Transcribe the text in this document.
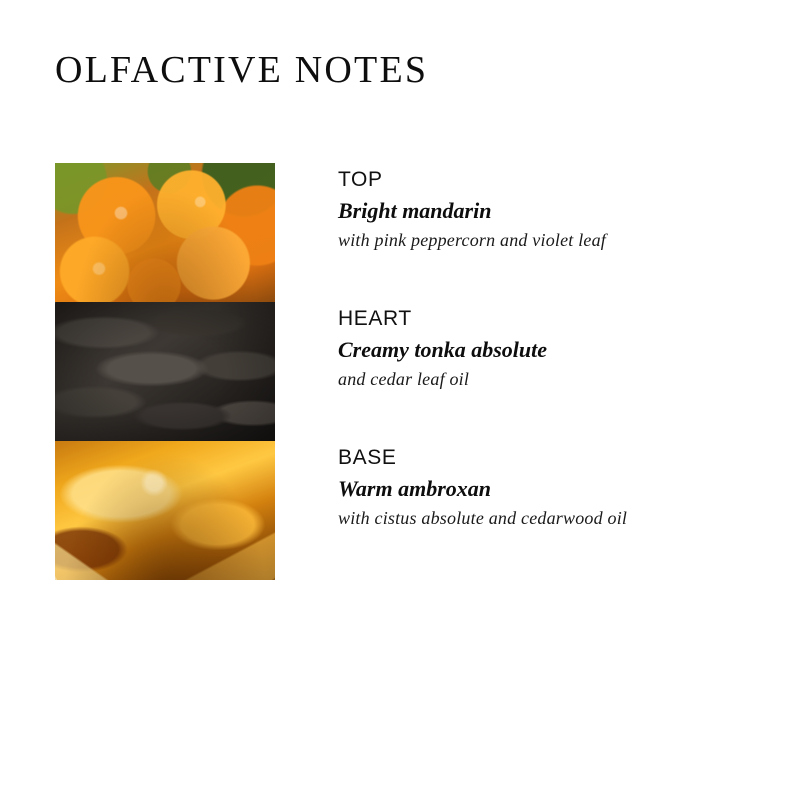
OLFACTIVE NOTES
TOP
Bright mandarin
with pink peppercorn and violet leaf
HEART
Creamy tonka absolute
and cedar leaf oil
BASE
Warm ambroxan
with cistus absolute and cedarwood oil
